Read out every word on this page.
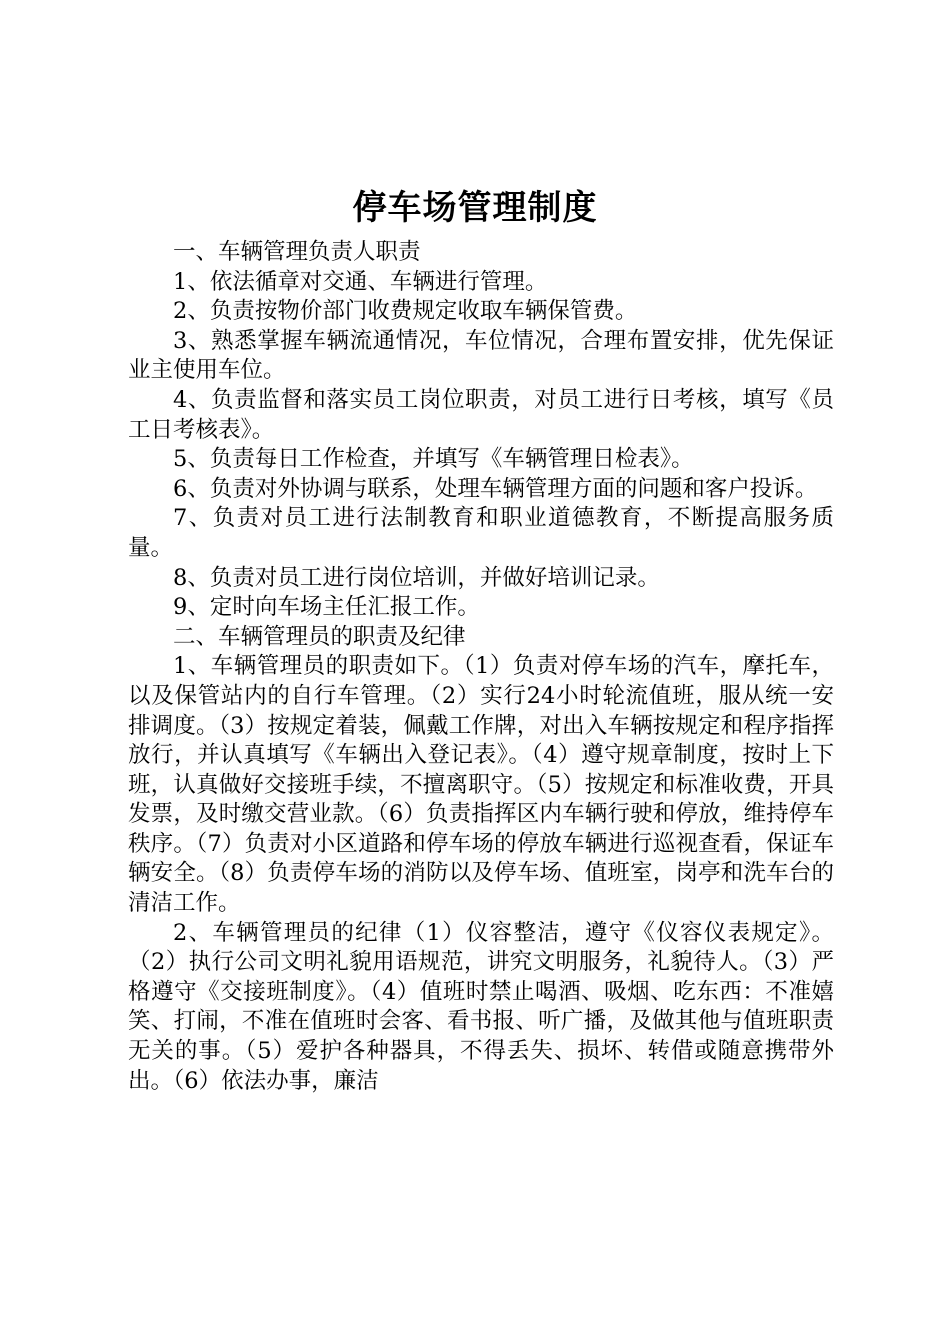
停车场管理制度

一、车辆管理负责人职责

1、依法循章对交通、车辆进行管理。

2、负责按物价部门收费规定收取车辆保管费。

3、熟悉掌握车辆流通情况，车位情况，合理布置安排，优先保证业主使用车位。

4、负责监督和落实员工岗位职责，对员工进行日考核，填写《员工日考核表》。

5、负责每日工作检查，并填写《车辆管理日检表》。

6、负责对外协调与联系，处理车辆管理方面的问题和客户投诉。

7、负责对员工进行法制教育和职业道德教育，不断提高服务质量。

8、负责对员工进行岗位培训，并做好培训记录。

9、定时向车场主任汇报工作。

二、车辆管理员的职责及纪律

1、车辆管理员的职责如下。（1）负责对停车场的汽车，摩托车，以及保管站内的自行车管理。（2）实行24小时轮流值班，服从统一安排调度。（3）按规定着装，佩戴工作牌，对出入车辆按规定和程序指挥放行，并认真填写《车辆出入登记表》。（4）遵守规章制度，按时上下班，认真做好交接班手续，不擅离职守。（5）按规定和标准收费，开具发票，及时缴交营业款。（6）负责指挥区内车辆行驶和停放，维持停车秩序。（7）负责对小区道路和停车场的停放车辆进行巡视查看，保证车辆安全。（8）负责停车场的消防以及停车场、值班室，岗亭和洗车台的清洁工作。

2、车辆管理员的纪律（1）仪容整洁，遵守《仪容仪表规定》。（2）执行公司文明礼貌用语规范，讲究文明服务，礼貌待人。（3）严格遵守《交接班制度》。（4）值班时禁止喝酒、吸烟、吃东西：不准嬉笑、打闹，不准在值班时会客、看书报、听广播，及做其他与值班职责无关的事。（5）爱护各种器具，不得丢失、损坏、转借或随意携带外出。（6）依法办事，廉洁
